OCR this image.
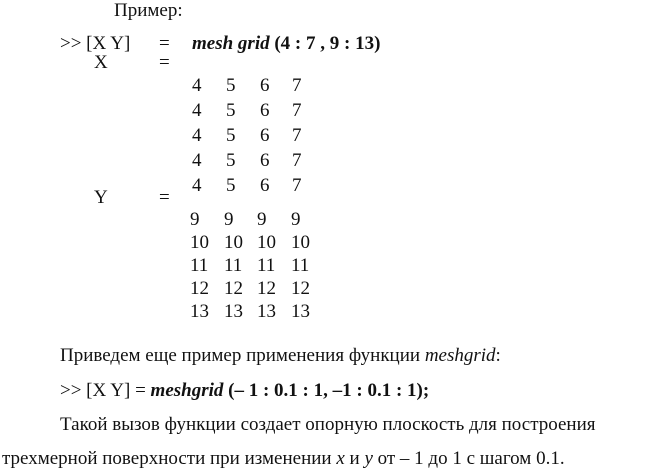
Пример:
>> [X Y] = mesh grid (4 : 7 , 9 : 13)
X	=
4 5 6 7
4 5 6 7
4 5 6 7
4 5 6 7
4 5 6 7
Y	=
9 9 9 9
10 10 10 10
11 11 11 11
12 12 12 12
13 13 13 13
Приведем еще пример применения функции meshgrid:
>> [X Y] = meshgrid (– 1 : 0.1 : 1, –1 : 0.1 : 1);
Такой вызов функции создает опорную плоскость для построения
трехмерной поверхности при изменении x и y от – 1 до 1 с шагом 0.1.
